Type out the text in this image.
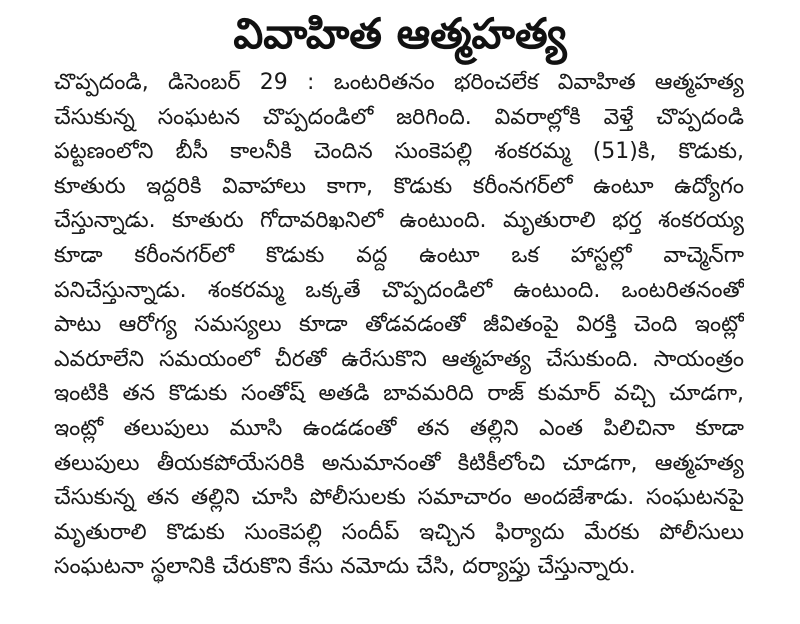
వివాహిత ఆత్మహత్య
చొప్పదండి, డిసెంబర్ 29 : ఒంటరితనం భరించలేక వివాహిత ఆత్మహత్య
చేసుకున్న సంఘటన చొప్పదండిలో జరిగింది. వివరాల్లోకి వెళ్తే చొప్పదండి
పట్టణంలోని బీసీ కాలనీకి చెందిన సుంకెపల్లి శంకరమ్మ (51)కి, కొడుకు,
కూతురు ఇద్దరికి వివాహాలు కాగా, కొడుకు కరీంనగర్‌లో ఉంటూ ఉద్యోగం
చేస్తున్నాడు. కూతురు గోదావరిఖనిలో ఉంటుంది. మృతురాలి భర్త శంకరయ్య
కూడా కరీంనగర్‌లో కొడుకు వద్ద ఉంటూ ఒక హాస్టల్లో వాచ్మెన్‌గా
పనిచేస్తున్నాడు. శంకరమ్మ ఒక్కతే చొప్పదండిలో ఉంటుంది. ఒంటరితనంతో
పాటు ఆరోగ్య సమస్యలు కూడా తోడవడంతో జీవితంపై విరక్తి చెంది ఇంట్లో
ఎవరూలేని సమయంలో చీరతో ఉరేసుకొని ఆత్మహత్య చేసుకుంది. సాయంత్రం
ఇంటికి తన కొడుకు సంతోష్ అతడి బావమరిది రాజ్ కుమార్ వచ్చి చూడగా,
ఇంట్లో తలుపులు మూసి ఉండడంతో తన తల్లిని ఎంత పిలిచినా కూడా
తలుపులు తీయకపోయేసరికి అనుమానంతో కిటికీలోంచి చూడగా, ఆత్మహత్య
చేసుకున్న తన తల్లిని చూసి పోలీసులకు సమాచారం అందజేశాడు. సంఘటనపై
మృతురాలి కొడుకు సుంకెపల్లి సందీప్ ఇచ్చిన ఫిర్యాదు మేరకు పోలీసులు
సంఘటనా స్థలానికి చేరుకొని కేసు నమోదు చేసి, దర్యాప్తు చేస్తున్నారు.
